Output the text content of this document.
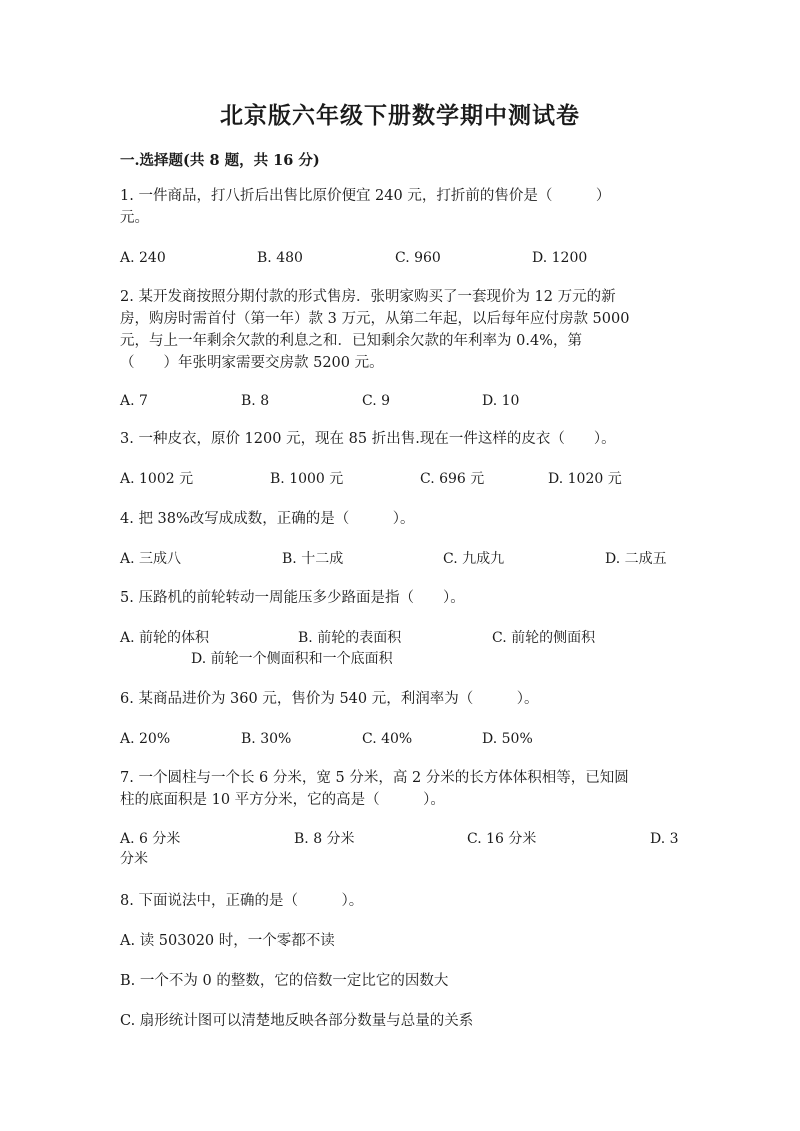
北京版六年级下册数学期中测试卷
一.选择题(共 8 题，共 16 分)
1. 一件商品，打八折后出售比原价便宜 240 元，打折前的售价是（　　　）
元。
A. 240	B. 480	C. 960	D. 1200
2. 某开发商按照分期付款的形式售房．张明家购买了一套现价为 12 万元的新
房，购房时需首付（第一年）款 3 万元，从第二年起，以后每年应付房款 5000
元，与上一年剩余欠款的利息之和．已知剩余欠款的年利率为 0.4%，第
（　　）年张明家需要交房款 5200 元。
A. 7	B. 8	C. 9	D. 10
3. 一种皮衣，原价 1200 元，现在 85 折出售.现在一件这样的皮衣（　　）。
A. 1002 元	B. 1000 元	C. 696 元	D. 1020 元
4. 把 38%改写成成数，正确的是（　　　）。
A. 三成八	B. 十二成	C. 九成九	D. 二成五
5. 压路机的前轮转动一周能压多少路面是指（　　）。
A. 前轮的体积	B. 前轮的表面积	C. 前轮的侧面积
D. 前轮一个侧面积和一个底面积
6. 某商品进价为 360 元，售价为 540 元，利润率为（　　　）。
A. 20%	B. 30%	C. 40%	D. 50%
7. 一个圆柱与一个长 6 分米，宽 5 分米，高 2 分米的长方体体积相等，已知圆
柱的底面积是 10 平方分米，它的高是（　　　）。
A. 6 分米	B. 8 分米	C. 16 分米	D. 3
分米
8. 下面说法中，正确的是（　　　）。
A. 读 503020 时，一个零都不读
B. 一个不为 0 的整数，它的倍数一定比它的因数大
C. 扇形统计图可以清楚地反映各部分数量与总量的关系
